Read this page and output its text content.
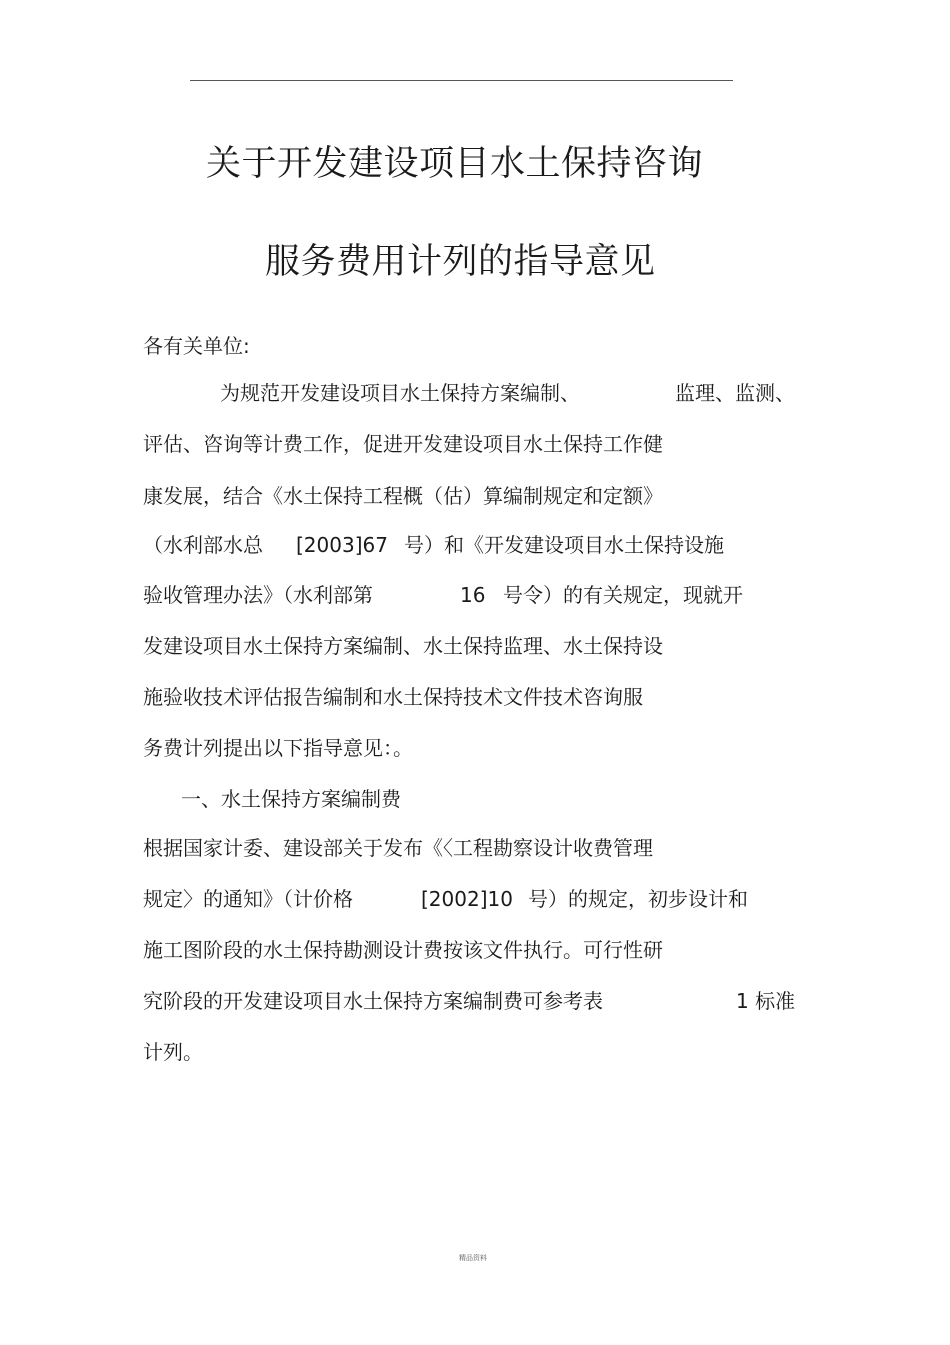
关于开发建设项目水土保持咨询
服务费用计列的指导意见
各有关单位:
为规范开发建设项目水土保持方案编制、	监理、监测、
评估、咨询等计费工作，促进开发建设项目水土保持工作健
康发展，结合《水土保持工程概（估）算编制规定和定额》
（水利部水总 [2003]67 号）和《开发建设项目水土保持设施
验收管理办法》（水利部第	16 号令）的有关规定，现就开
发建设项目水土保持方案编制、水土保持监理、水土保持设
施验收技术评估报告编制和水土保持技术文件技术咨询服
务费计列提出以下指导意见：。
一、水土保持方案编制费
根据国家计委、建设部关于发布《〈工程勘察设计收费管理
规定〉的通知》（计价格	[2002]10 号）的规定，初步设计和
施工图阶段的水土保持勘测设计费按该文件执行。可行性研
究阶段的开发建设项目水土保持方案编制费可参考表	1 标准
计列。
精品资料
